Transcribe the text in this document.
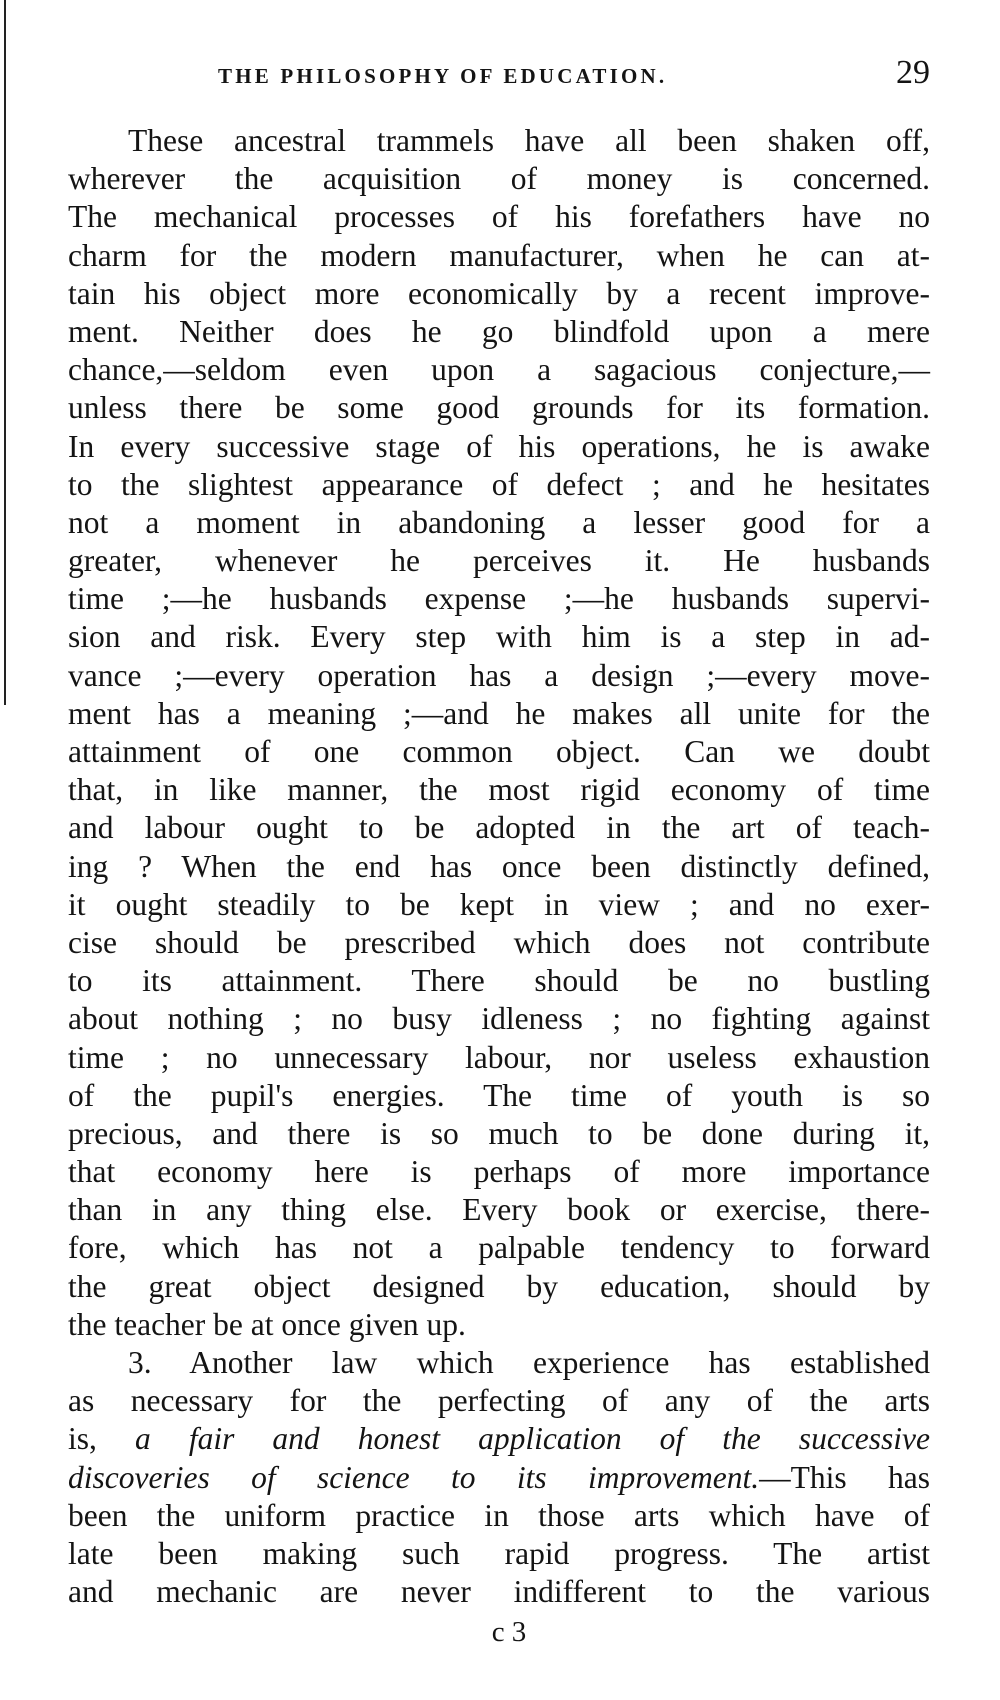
THE PHILOSOPHY OF EDUCATION.	29
These ancestral trammels have all been shaken off,
wherever the acquisition of money is concerned.
The mechanical processes of his forefathers have no
charm for the modern manufacturer, when he can at-
tain his object more economically by a recent improve-
ment. Neither does he go blindfold upon a mere
chance,—seldom even upon a sagacious conjecture,—
unless there be some good grounds for its formation.
In every successive stage of his operations, he is awake
to the slightest appearance of defect ; and he hesitates
not a moment in abandoning a lesser good for a
greater, whenever he perceives it. He husbands
time ;—he husbands expense ;—he husbands supervi-
sion and risk. Every step with him is a step in ad-
vance ;—every operation has a design ;—every move-
ment has a meaning ;—and he makes all unite for the
attainment of one common object. Can we doubt
that, in like manner, the most rigid economy of time
and labour ought to be adopted in the art of teach-
ing ? When the end has once been distinctly defined,
it ought steadily to be kept in view ; and no exer-
cise should be prescribed which does not contribute
to its attainment. There should be no bustling
about nothing ; no busy idleness ; no fighting against
time ; no unnecessary labour, nor useless exhaustion
of the pupil's energies. The time of youth is so
precious, and there is so much to be done during it,
that economy here is perhaps of more importance
than in any thing else. Every book or exercise, there-
fore, which has not a palpable tendency to forward
the great object designed by education, should by
the teacher be at once given up.
3. Another law which experience has established
as necessary for the perfecting of any of the arts
is, a fair and honest application of the successive
discoveries of science to its improvement.—This has
been the uniform practice in those arts which have of
late been making such rapid progress. The artist
and mechanic are never indifferent to the various
c 3
